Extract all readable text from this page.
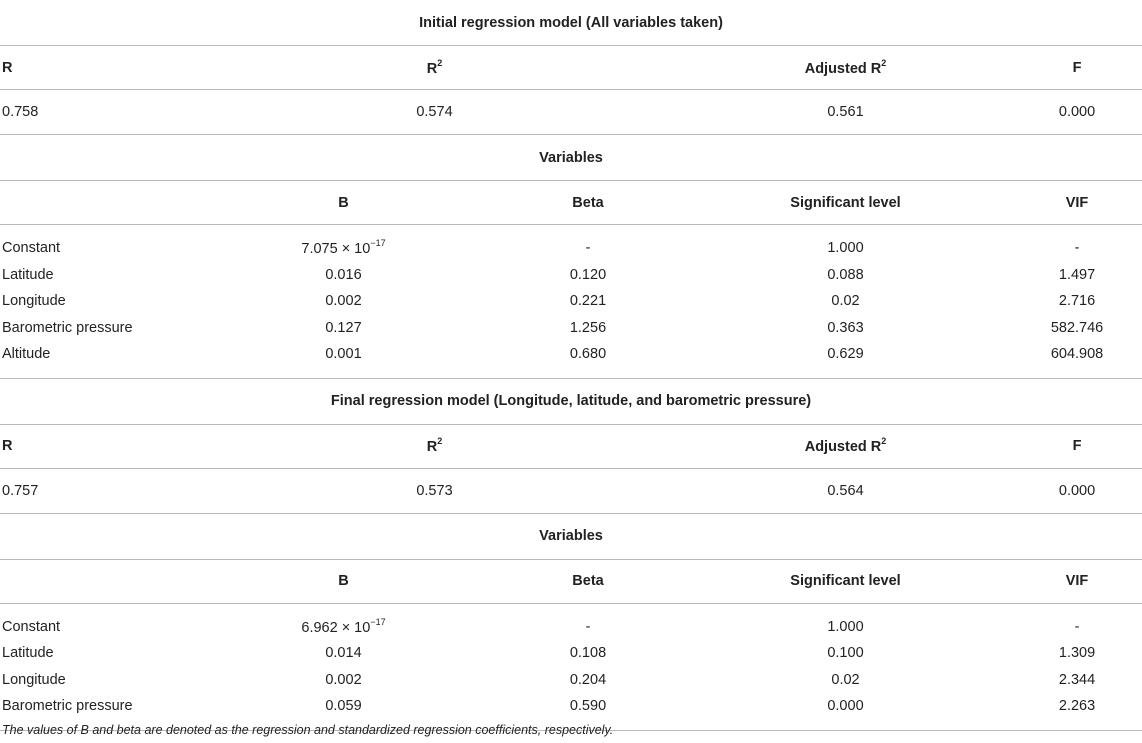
Initial regression model (All variables taken)				
R	$R^2$		Adjusted $R^2$	F
0.758	0.574		0.561	0.000
Variables				
	B	Beta	Significant level	VIF
Constant	$7.075 \times 10^{-17}$	-	1.000	-
Latitude	0.016	0.120	0.088	1.497
Longitude	0.002	0.221	0.02	2.716
Barometric pressure	0.127	1.256	0.363	582.746
Altitude	0.001	0.680	0.629	604.908
Final regression model (Longitude, latitude, and barometric pressure)				
R	$R^2$		Adjusted $R^2$	F
0.757	0.573		0.564	0.000
Variables				
	B	Beta	Significant level	VIF
Constant	$6.962 \times 10^{-17}$	-	1.000	-
Latitude	0.014	0.108	0.100	1.309
Longitude	0.002	0.204	0.02	2.344
Barometric pressure	0.059	0.590	0.000	2.263

The values of B and beta are denoted as the regression and standardized regression coefficients, respectively.
